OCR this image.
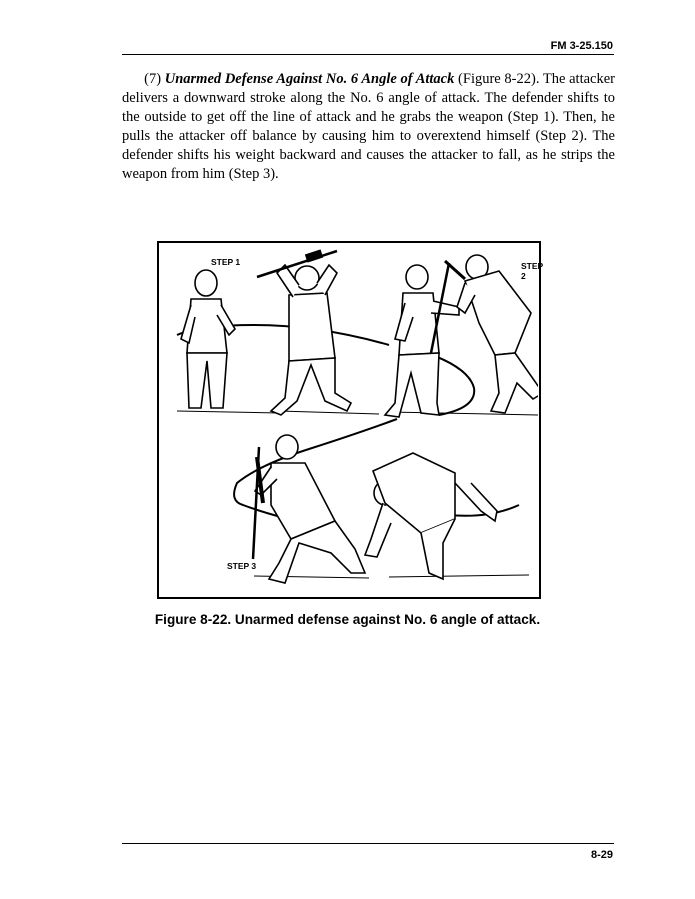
FM 3-25.150
(7) Unarmed Defense Against No. 6 Angle of Attack (Figure 8-22). The attacker delivers a downward stroke along the No. 6 angle of attack. The defender shifts to the outside to get off the line of attack and he grabs the weapon (Step 1). Then, he pulls the attacker off balance by causing him to overextend himself (Step 2). The defender shifts his weight backward and causes the attacker to fall, as he strips the weapon from him (Step 3).
STEP 1	STEP 2
STEP 3
Figure 8-22. Unarmed defense against No. 6 angle of attack.
8-29
